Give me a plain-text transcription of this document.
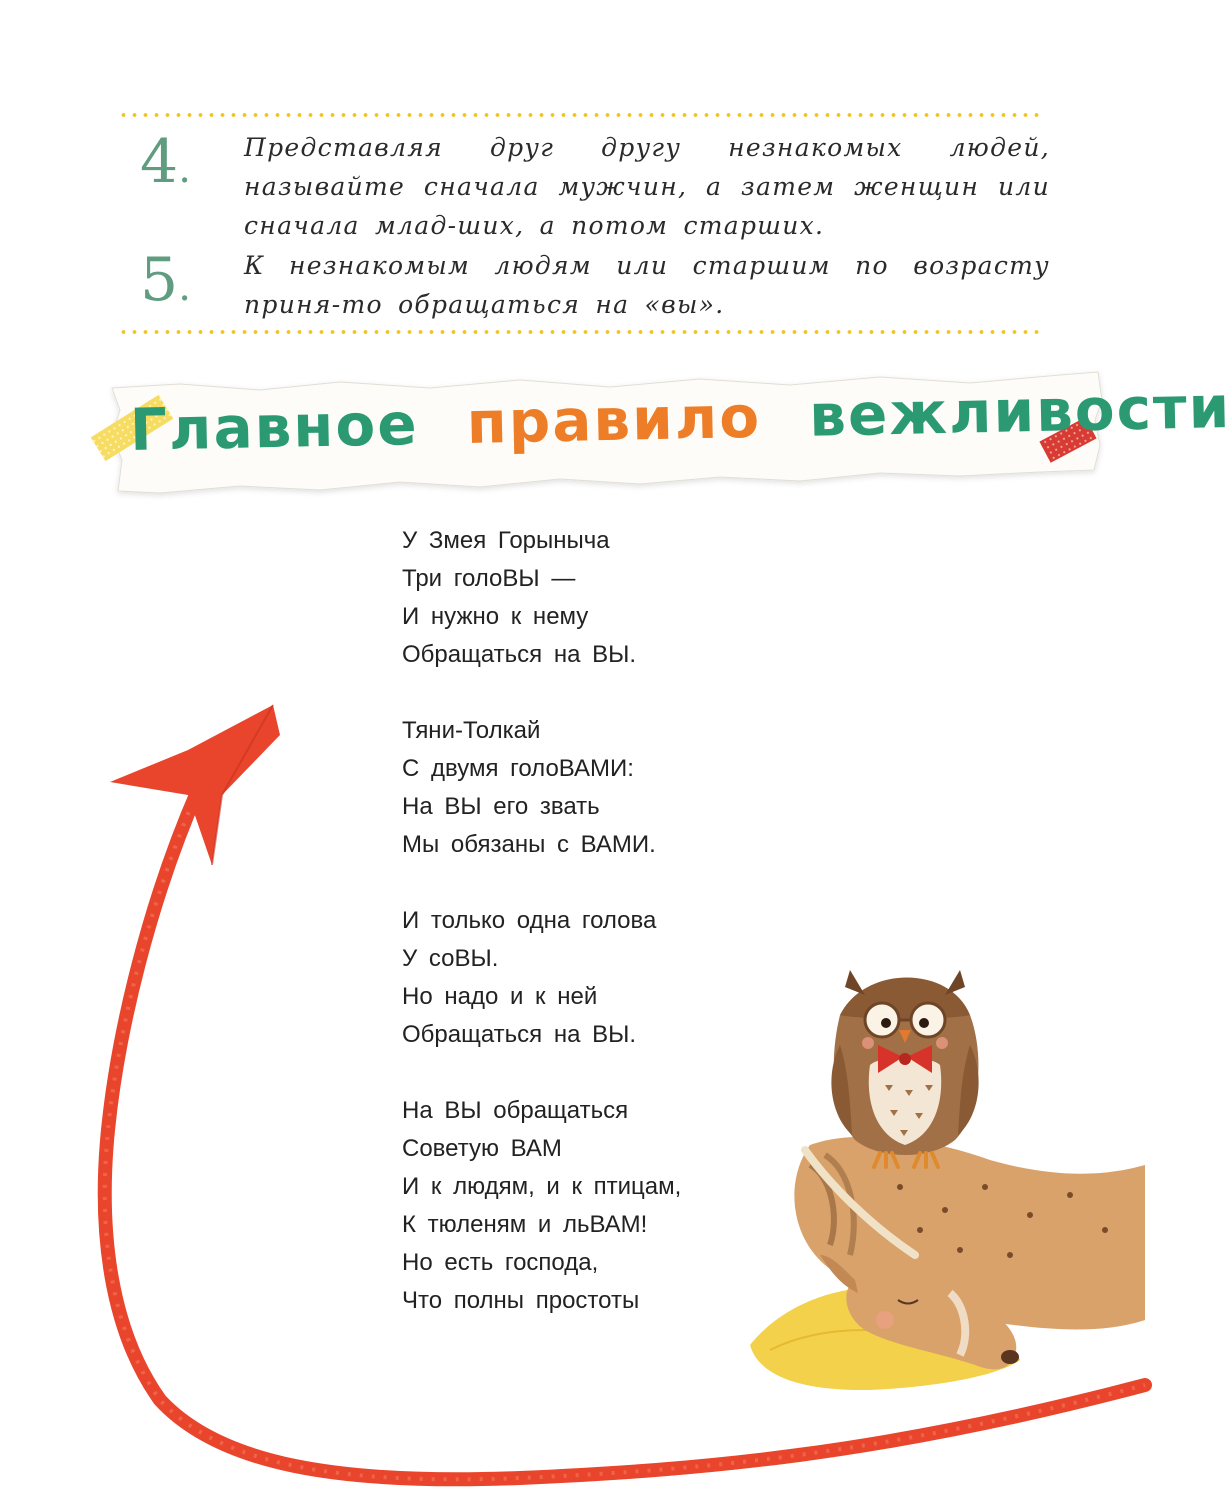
4. Представляя друг другу незнакомых людей, называйте сначала мужчин, а затем женщин или сначала млад-ших, а потом старших.
5. К незнакомым людям или старшим по возрасту приня-то обращаться на «вы».
Главное правило вежливости
У Змея Горыныча
Три голоВЫ —
И нужно к нему
Обращаться на ВЫ.
Тяни-Толкай
С двумя голоВАМИ:
На ВЫ его звать
Мы обязаны с ВАМИ.
И только одна голова
У соВЫ.
Но надо и к ней
Обращаться на ВЫ.
На ВЫ обращаться
Советую ВАМ
И к людям, и к птицам,
К тюленям и льВАМ!
Но есть господа,
Что полны простоты
